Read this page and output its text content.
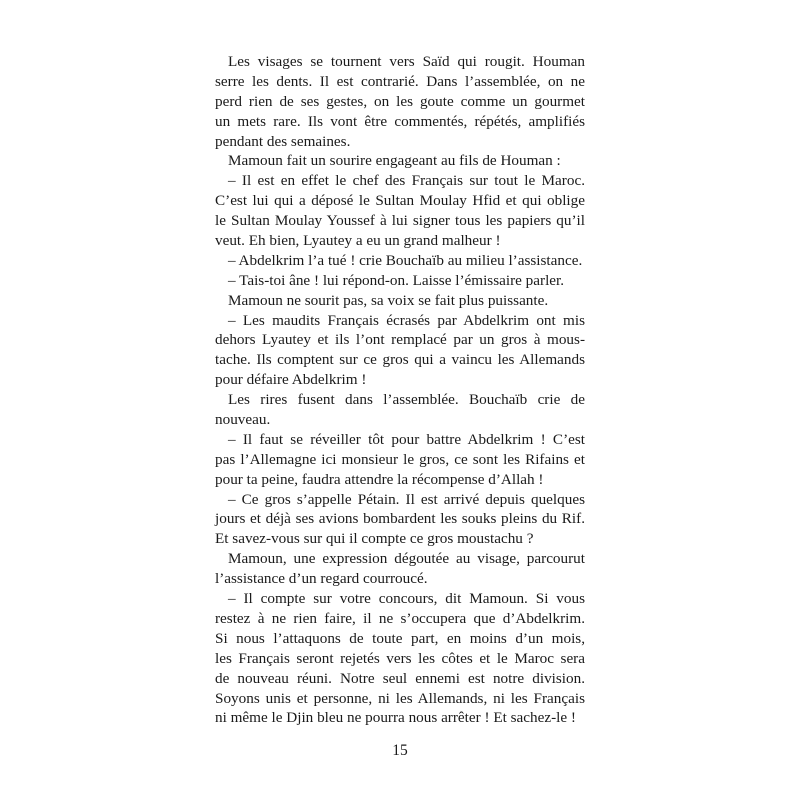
Les visages se tournent vers Saïd qui rougit. Houman
serre les dents. Il est contrarié. Dans l’assemblée, on ne
perd rien de ses gestes, on les goute comme un gourmet
un mets rare. Ils vont être commentés, répétés, amplifiés
pendant des semaines.
Mamoun fait un sourire engageant au fils de Houman :
– Il est en effet le chef des Français sur tout le Maroc.
C’est lui qui a déposé le Sultan Moulay Hfid et qui oblige
le Sultan Moulay Youssef à lui signer tous les papiers qu’il
veut. Eh bien, Lyautey a eu un grand malheur !
– Abdelkrim l’a tué ! crie Bouchaïb au milieu l’assistance.
– Tais-toi âne ! lui répond-on. Laisse l’émissaire parler.
Mamoun ne sourit pas, sa voix se fait plus puissante.
– Les maudits Français écrasés par Abdelkrim ont mis
dehors Lyautey et ils l’ont remplacé par un gros à mous-
tache. Ils comptent sur ce gros qui a vaincu les Allemands
pour défaire Abdelkrim !
Les rires fusent dans l’assemblée. Bouchaïb crie de
nouveau.
– Il faut se réveiller tôt pour battre Abdelkrim ! C’est
pas l’Allemagne ici monsieur le gros, ce sont les Rifains et
pour ta peine, faudra attendre la récompense d’Allah !
– Ce gros s’appelle Pétain. Il est arrivé depuis quelques
jours et déjà ses avions bombardent les souks pleins du Rif.
Et savez-vous sur qui il compte ce gros moustachu ?
Mamoun, une expression dégoutée au visage, parcourut
l’assistance d’un regard courroucé.
– Il compte sur votre concours, dit Mamoun. Si vous
restez à ne rien faire, il ne s’occupera que d’Abdelkrim.
Si nous l’attaquons de toute part, en moins d’un mois,
les Français seront rejetés vers les côtes et le Maroc sera
de nouveau réuni. Notre seul ennemi est notre division.
Soyons unis et personne, ni les Allemands, ni les Français
ni même le Djin bleu ne pourra nous arrêter ! Et sachez-le !
15
